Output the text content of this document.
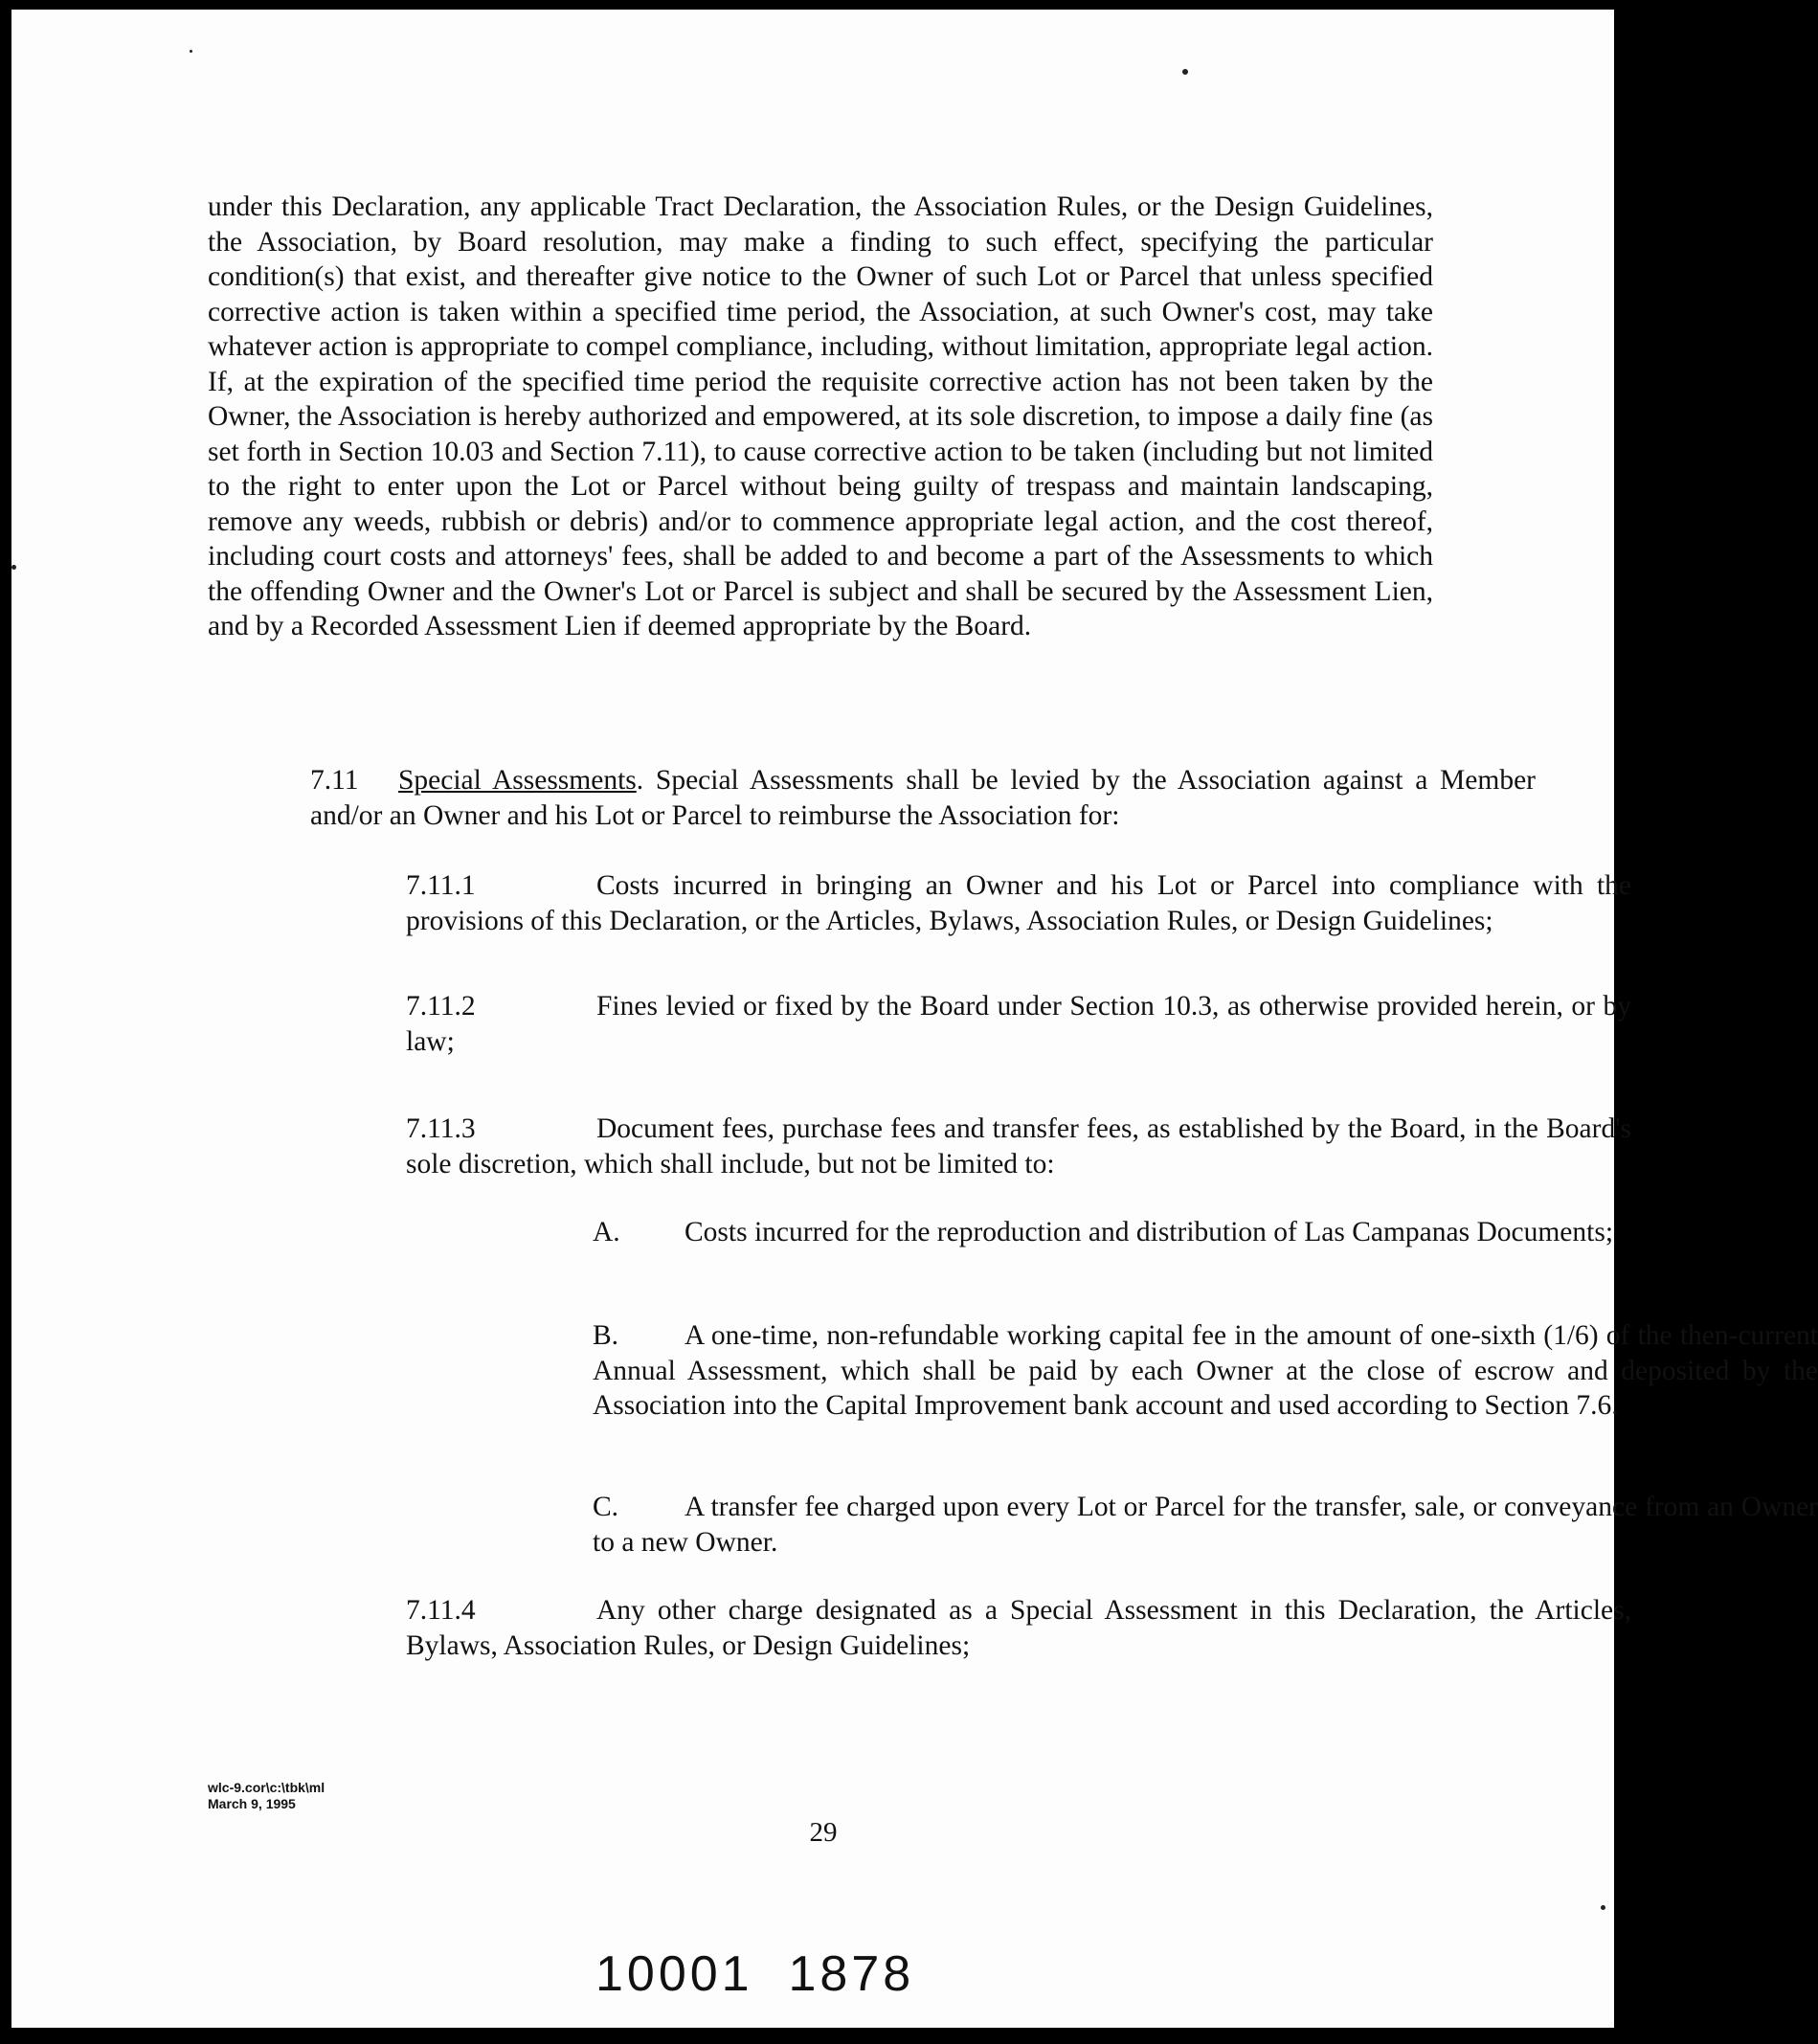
under this Declaration, any applicable Tract Declaration, the Association Rules, or the Design Guidelines, the Association, by Board resolution, may make a finding to such effect, specifying the particular condition(s) that exist, and thereafter give notice to the Owner of such Lot or Parcel that unless specified corrective action is taken within a specified time period, the Association, at such Owner's cost, may take whatever action is appropriate to compel compliance, including, without limitation, appropriate legal action. If, at the expiration of the specified time period the requisite corrective action has not been taken by the Owner, the Association is hereby authorized and empowered, at its sole discretion, to impose a daily fine (as set forth in Section 10.03 and Section 7.11), to cause corrective action to be taken (including but not limited to the right to enter upon the Lot or Parcel without being guilty of trespass and maintain landscaping, remove any weeds, rubbish or debris) and/or to commence appropriate legal action, and the cost thereof, including court costs and attorneys' fees, shall be added to and become a part of the Assessments to which the offending Owner and the Owner's Lot or Parcel is subject and shall be secured by the Assessment Lien, and by a Recorded Assessment Lien if deemed appropriate by the Board.
7.11 Special Assessments. Special Assessments shall be levied by the Association against a Member and/or an Owner and his Lot or Parcel to reimburse the Association for:
7.11.1	Costs incurred in bringing an Owner and his Lot or Parcel into compliance with the provisions of this Declaration, or the Articles, Bylaws, Association Rules, or Design Guidelines;
7.11.2	Fines levied or fixed by the Board under Section 10.3, as otherwise provided herein, or by law;
7.11.3	Document fees, purchase fees and transfer fees, as established by the Board, in the Board's sole discretion, which shall include, but not be limited to:
A. Costs incurred for the reproduction and distribution of Las Campanas Documents;
B. A one-time, non-refundable working capital fee in the amount of one-sixth (1/6) of the then-current Annual Assessment, which shall be paid by each Owner at the close of escrow and deposited by the Association into the Capital Improvement bank account and used according to Section 7.6.
C. A transfer fee charged upon every Lot or Parcel for the transfer, sale, or conveyance from an Owner to a new Owner.
7.11.4	Any other charge designated as a Special Assessment in this Declaration, the Articles, Bylaws, Association Rules, or Design Guidelines;
wlc-9.cor\c:\tbk\ml
March 9, 1995
29
10001  1878
